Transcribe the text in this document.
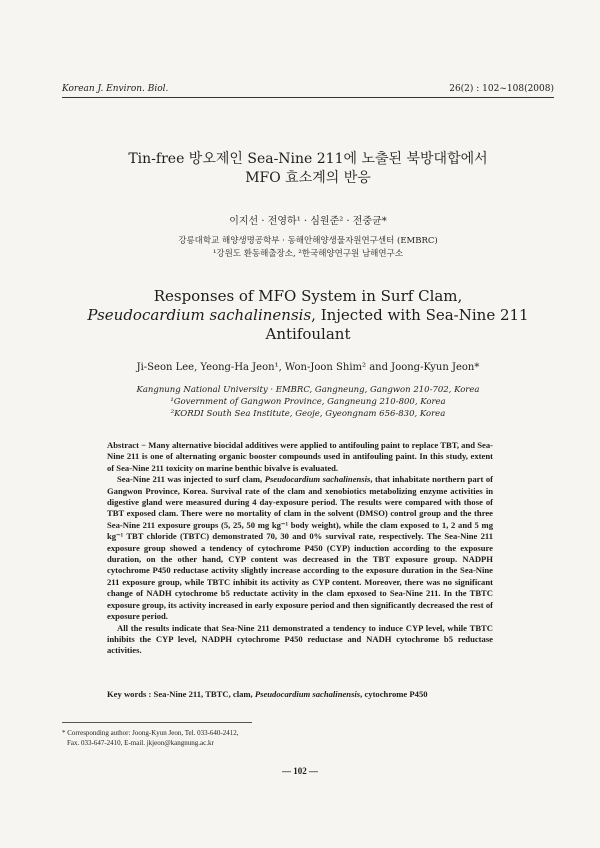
Korean J. Environ. Biol.	26(2) : 102~108(2008)
Tin-free 방오제인 Sea-Nine 211에 노출된 북방대합에서
MFO 효소계의 반응
이지선 · 전영하¹ · 심원준² · 전중균*
강릉대학교 해양생명공학부 · 동해안해양생물자원연구센터 (EMBRC)
¹강원도 환동해출장소, ²한국해양연구원 남해연구소
Responses of MFO System in Surf Clam,
Pseudocardium sachalinensis, Injected with Sea-Nine 211
Antifoulant
Ji-Seon Lee, Yeong-Ha Jeon¹, Won-Joon Shim² and Joong-Kyun Jeon*
Kangnung National University · EMBRC, Gangneung, Gangwon 210-702, Korea
¹Government of Gangwon Province, Gangneung 210-800, Korea
²KORDI South Sea Institute, Geoje, Gyeongnam 656-830, Korea

Abstract − Many alternative biocidal additives were applied to antifouling paint to replace TBT, and Sea-Nine 211 is one of alternating organic booster compounds used in antifouling paint. In this study, extent of Sea-Nine 211 toxicity on marine benthic bivalve is evaluated.

Sea-Nine 211 was injected to surf clam, Pseudocardium sachalinensis, that inhabitate northern part of Gangwon Province, Korea. Survival rate of the clam and xenobiotics metabolizing enzyme activities in digestive gland were measured during 4 day-exposure period. The results were compared with those of TBT exposed clam. There were no mortality of clam in the solvent (DMSO) control group and the three Sea-Nine 211 exposure groups (5, 25, 50 mg kg⁻¹ body weight), while the clam exposed to 1, 2 and 5 mg kg⁻¹ TBT chloride (TBTC) demonstrated 70, 30 and 0% survival rate, respectively. The Sea-Nine 211 exposure group showed a tendency of cytochrome P450 (CYP) induction according to the exposure duration, on the other hand, CYP content was decreased in the TBT exposure group. NADPH cytochrome P450 reductase activity slightly increase according to the exposure duration in the Sea-Nine 211 exposure group, while TBTC inhibit its activity as CYP content. Moreover, there was no significant change of NADH cytochrome b5 reductate activity in the clam epxosed to Sea-Nine 211. In the TBTC exposure group, its activity increased in early exposure period and then significantly decreased the rest of exposure period.

All the results indicate that Sea-Nine 211 demonstrated a tendency to induce CYP level, while TBTC inhibits the CYP level, NADPH cytochrome P450 reductase and NADH cytochrome b5 reductase activities.

Key words : Sea-Nine 211, TBTC, clam, Pseudocardium sachalinensis, cytochrome P450
* Corresponding author: Joong-Kyun Jeon, Tel. 033-640-2412,
Fax. 033-647-2410, E-mail. jkjeon@kangnung.ac.kr
— 102 —
